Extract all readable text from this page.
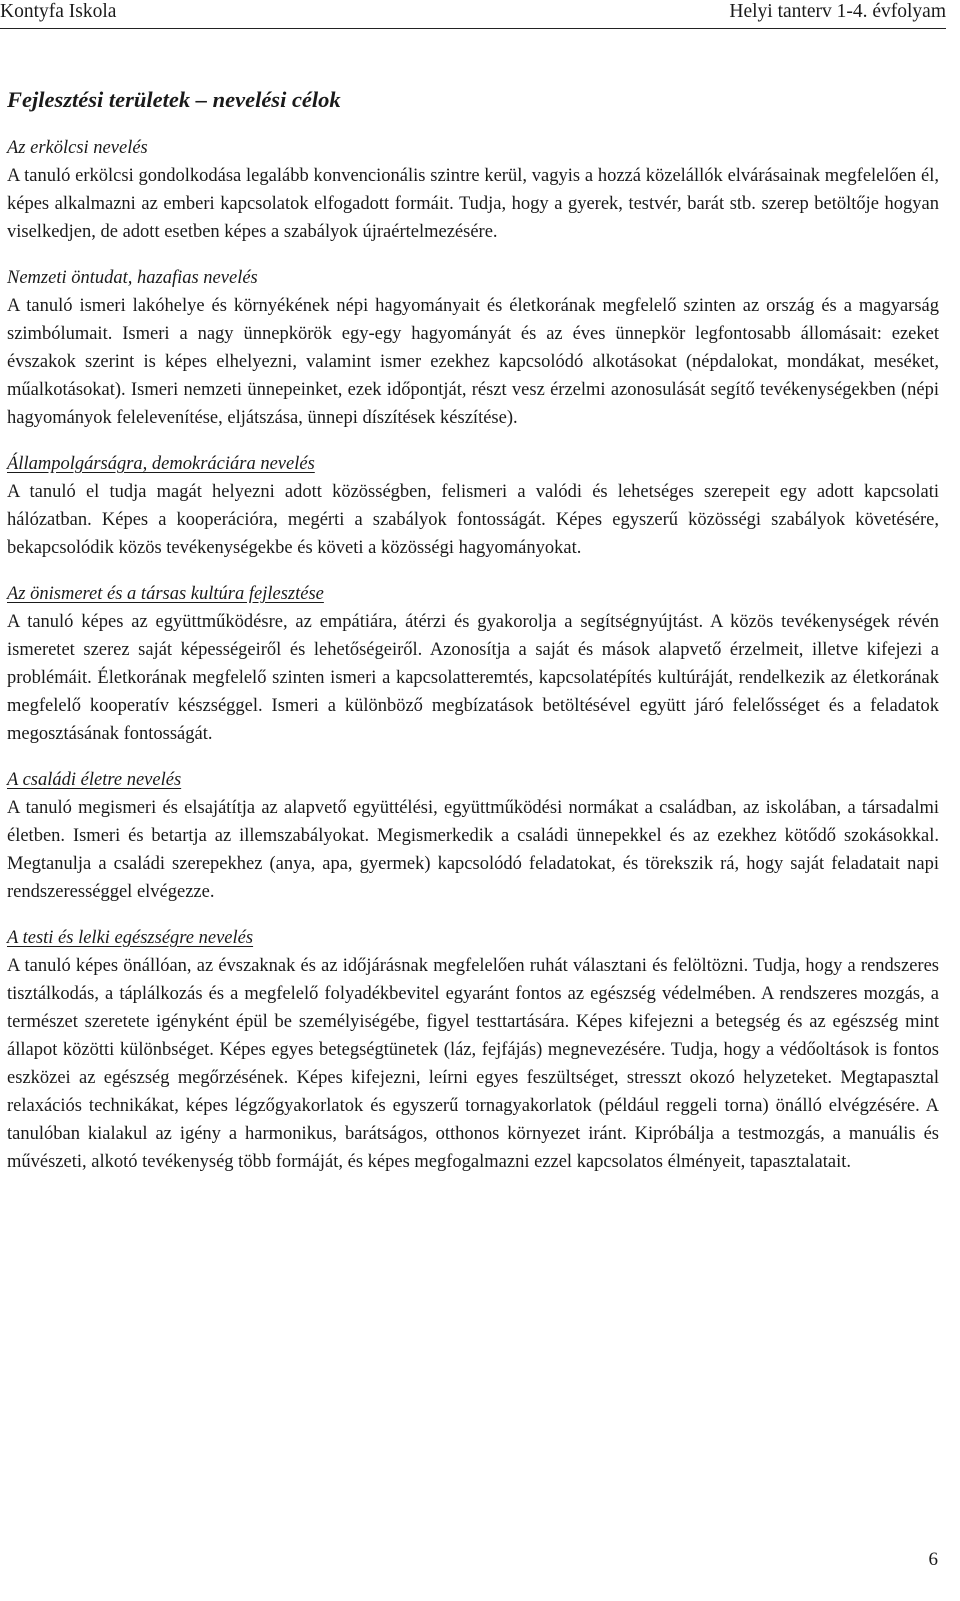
Kontyfa Iskola	Helyi tanterv 1-4. évfolyam
Fejlesztési területek – nevelési célok

Az erkölcsi nevelés

A tanuló erkölcsi gondolkodása legalább konvencionális szintre kerül, vagyis a hozzá közelállók elvárásainak megfelelően él, képes alkalmazni az emberi kapcsolatok elfogadott formáit. Tudja, hogy a gyerek, testvér, barát stb. szerep betöltője hogyan viselkedjen, de adott esetben képes a szabályok újraértelmezésére.

Nemzeti öntudat, hazafias nevelés

A tanuló ismeri lakóhelye és környékének népi hagyományait és életkorának megfelelő szinten az ország és a magyarság szimbólumait. Ismeri a nagy ünnepkörök egy-egy hagyományát és az éves ünnepkör legfontosabb állomásait: ezeket évszakok szerint is képes elhelyezni, valamint ismer ezekhez kapcsolódó alkotásokat (népdalokat, mondákat, meséket, műalkotásokat). Ismeri nemzeti ünnepeinket, ezek időpontját, részt vesz érzelmi azonosulását segítő tevékenységekben (népi hagyományok felelevenítése, eljátszása, ünnepi díszítések készítése).

Állampolgárságra, demokráciára nevelés

A tanuló el tudja magát helyezni adott közösségben, felismeri a valódi és lehetséges szerepeit egy adott kapcsolati hálózatban. Képes a kooperációra, megérti a szabályok fontosságát. Képes egyszerű közösségi szabályok követésére, bekapcsolódik közös tevékenységekbe és követi a közösségi hagyományokat.

Az önismeret és a társas kultúra fejlesztése

A tanuló képes az együttműködésre, az empátiára, átérzi és gyakorolja a segítségnyújtást. A közös tevékenységek révén ismeretet szerez saját képességeiről és lehetőségeiről. Azonosítja a saját és mások alapvető érzelmeit, illetve kifejezi a problémáit. Életkorának megfelelő szinten ismeri a kapcsolatteremtés, kapcsolatépítés kultúráját, rendelkezik az életkorának megfelelő kooperatív készséggel. Ismeri a különböző megbízatások betöltésével együtt járó felelősséget és a feladatok megosztásának fontosságát.

A családi életre nevelés

A tanuló megismeri és elsajátítja az alapvető együttélési, együttműködési normákat a családban, az iskolában, a társadalmi életben. Ismeri és betartja az illemszabályokat. Megismerkedik a családi ünnepekkel és az ezekhez kötődő szokásokkal. Megtanulja a családi szerepekhez (anya, apa, gyermek) kapcsolódó feladatokat, és törekszik rá, hogy saját feladatait napi rendszerességgel elvégezze.

A testi és lelki egészségre nevelés

A tanuló képes önállóan, az évszaknak és az időjárásnak megfelelően ruhát választani és felöltözni. Tudja, hogy a rendszeres tisztálkodás, a táplálkozás és a megfelelő folyadékbevitel egyaránt fontos az egészség védelmében. A rendszeres mozgás, a természet szeretete igényként épül be személyiségébe, figyel testtartására. Képes kifejezni a betegség és az egészség mint állapot közötti különbséget. Képes egyes betegségtünetek (láz, fejfájás) megnevezésére. Tudja, hogy a védőoltások is fontos eszközei az egészség megőrzésének. Képes kifejezni, leírni egyes feszültséget, stresszt okozó helyzeteket. Megtapasztal relaxációs technikákat, képes légzőgyakorlatok és egyszerű tornagyakorlatok (például reggeli torna) önálló elvégzésére. A tanulóban kialakul az igény a harmonikus, barátságos, otthonos környezet iránt. Kipróbálja a testmozgás, a manuális és művészeti, alkotó tevékenység több formáját, és képes megfogalmazni ezzel kapcsolatos élményeit, tapasztalatait.

6
